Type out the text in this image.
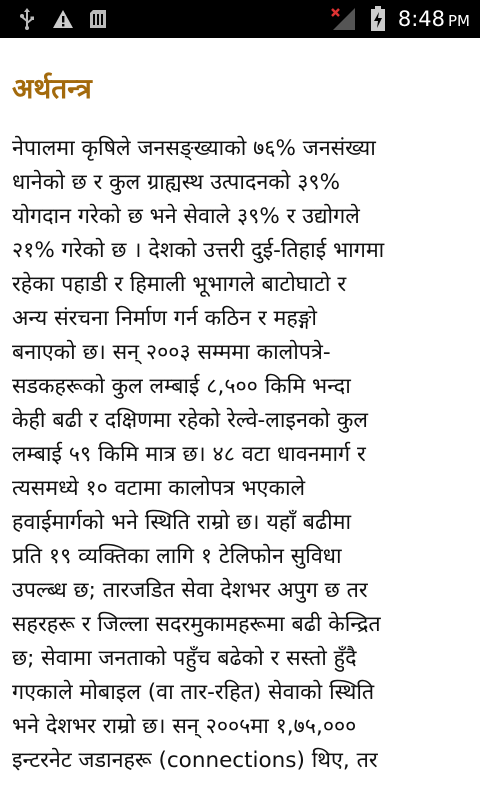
8:48 PM
अर्थतन्त्र
नेपालमा कृषिले जनसङ्ख्याको ७६% जनसंख्या
धानेको छ र कुल ग्राह्यस्थ उत्पादनको ३९%
योगदान गरेको छ भने सेवाले ३९% र उद्योगले
२१% गरेको छ । देशको उत्तरी दुई-तिहाई भागमा
रहेका पहाडी र हिमाली भूभागले बाटोघाटो र
अन्य संरचना निर्माण गर्न कठिन र महङ्गो
बनाएको छ। सन् २००३ सम्ममा कालोपत्रे-
सडकहरूको कुल लम्बाई ८,५०० किमि भन्दा
केही बढी र दक्षिणमा रहेको रेल्वे-लाइनको कुल
लम्बाई ५९ किमि मात्र छ। ४८ वटा धावनमार्ग र
त्यसमध्ये १० वटामा कालोपत्र भएकाले
हवाईमार्गको भने स्थिति राम्रो छ। यहाँ बढीमा
प्रति १९ व्यक्तिका लागि १ टेलिफोन सुविधा
उपल्ब्ध छ; तारजडित सेवा देशभर अपुग छ तर
सहरहरू र जिल्ला सदरमुकामहरूमा बढी केन्द्रित
छ; सेवामा जनताको पहुँच बढेको र सस्तो हुँदै
गएकाले मोबाइल (वा तार-रहित) सेवाको स्थिति
भने देशभर राम्रो छ। सन् २००५मा १,७५,०००
इन्टरनेट जडानहरू (connections) थिए, तर
